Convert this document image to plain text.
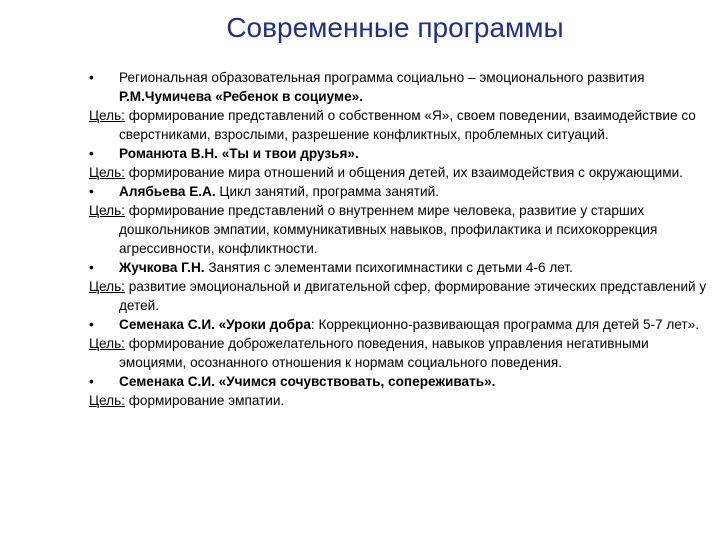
Современные программы
•	Региональная образовательная программа социально – эмоционального развития Р.М.Чумичева «Ребенок в социуме».
Цель: формирование представлений о собственном «Я», своем поведении, взаимодействие со сверстниками, взрослыми, разрешение конфликтных, проблемных ситуаций.
•	Романюта В.Н. «Ты и твои друзья».
Цель: формирование мира отношений и общения детей, их взаимодействия с окружающими.
•	Алябьева Е.А. Цикл занятий, программа занятий.
Цель: формирование представлений о внутреннем мире человека, развитие у старших дошкольников эмпатии, коммуникативных навыков, профилактика и психокоррекция агрессивности, конфликтности.
•	Жучкова Г.Н. Занятия с элементами психогимнастики с детьми 4-6 лет.
Цель: развитие эмоциональной и двигательной сфер, формирование этических представлений у детей.
•	Семенака С.И. «Уроки добра: Коррекционно-развивающая программа для детей 5-7 лет».
Цель: формирование доброжелательного поведения, навыков управления негативными эмоциями, осознанного отношения к нормам социального поведения.
•	Семенака С.И. «Учимся сочувствовать, сопереживать».
Цель: формирование эмпатии.
